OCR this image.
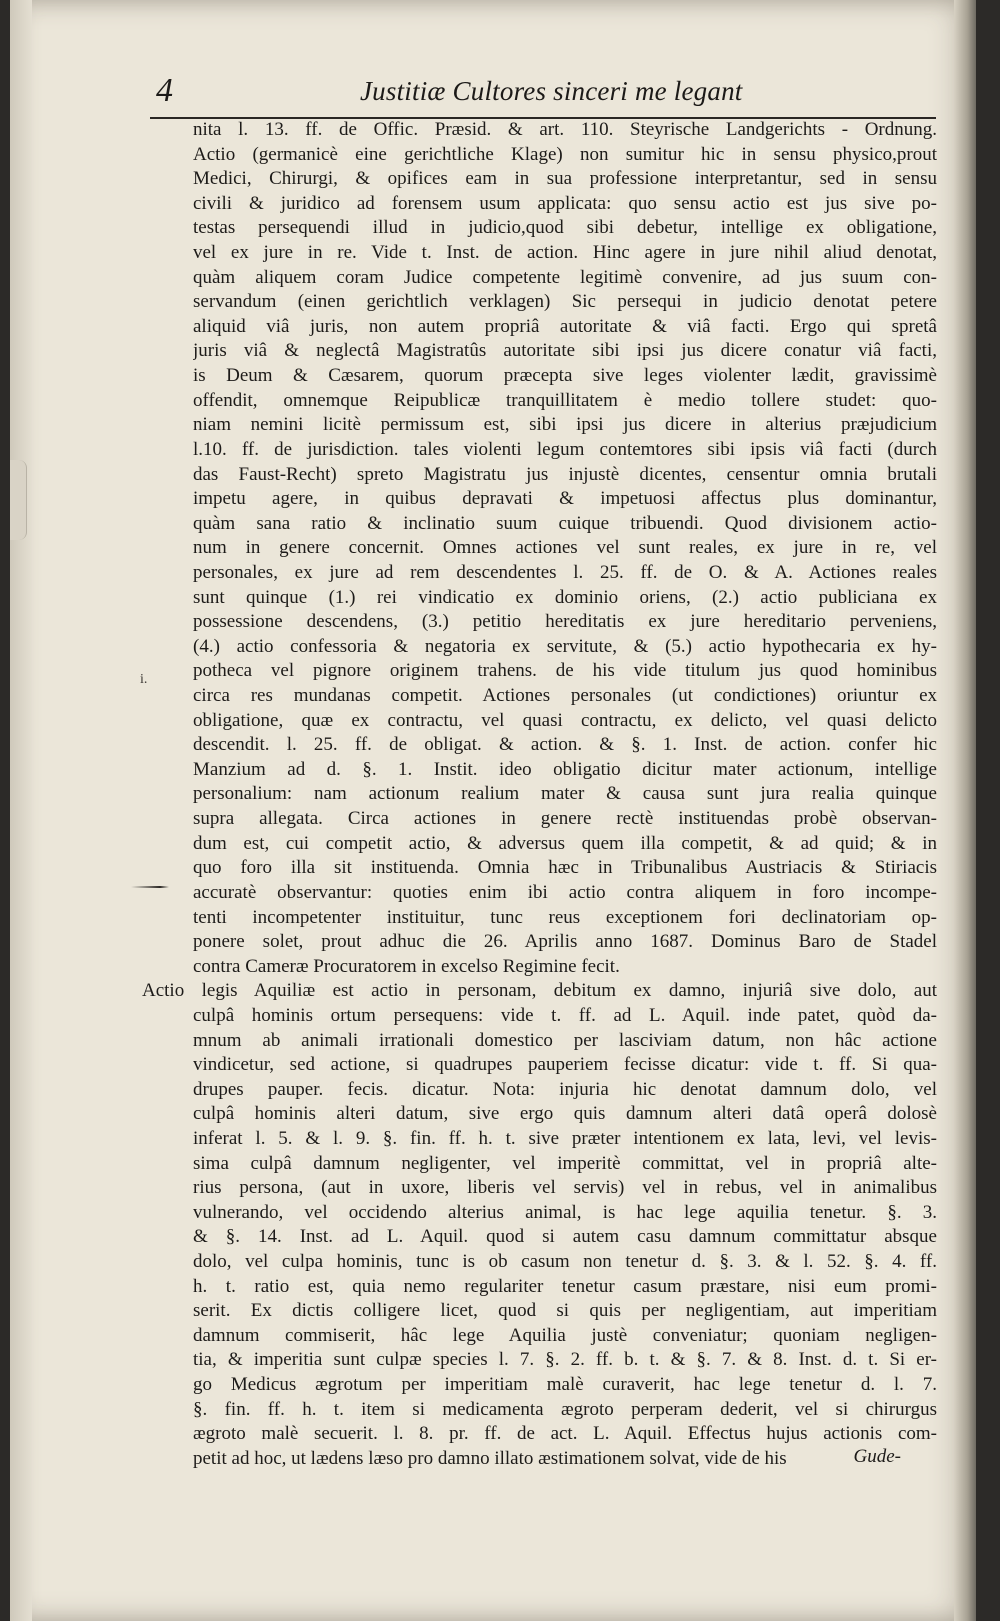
4	Justitiæ Cultores sinceri me legant
i.
nita l. 13. ff. de Offic. Præsid. & art. 110. Steyrische Landgerichts - Ordnung.
Actio (germanicè eine gerichtliche Klage) non sumitur hic in sensu physico,prout
Medici, Chirurgi, & opifices eam in sua professione interpretantur, sed in sensu
civili & juridico ad forensem usum applicata: quo sensu actio est jus sive po-
testas persequendi illud in judicio,quod sibi debetur, intellige ex obligatione,
vel ex jure in re. Vide t. Inst. de action. Hinc agere in jure nihil aliud denotat,
quàm aliquem coram Judice competente legitimè convenire, ad jus suum con-
servandum (einen gerichtlich verklagen) Sic persequi in judicio denotat petere
aliquid viâ juris, non autem propriâ autoritate & viâ facti. Ergo qui spretâ
juris viâ & neglectâ Magistratûs autoritate sibi ipsi jus dicere conatur viâ facti,
is Deum & Cæsarem, quorum præcepta sive leges violenter lædit, gravissimè
offendit, omnemque Reipublicæ tranquillitatem è medio tollere studet: quo-
niam nemini licitè permissum est, sibi ipsi jus dicere in alterius præjudicium
l.10. ff. de jurisdiction. tales violenti legum contemtores sibi ipsis viâ facti (durch
das Faust-Recht) spreto Magistratu jus injustè dicentes, censentur omnia brutali
impetu agere, in quibus depravati & impetuosi affectus plus dominantur,
quàm sana ratio & inclinatio suum cuique tribuendi. Quod divisionem actio-
num in genere concernit. Omnes actiones vel sunt reales, ex jure in re, vel
personales, ex jure ad rem descendentes l. 25. ff. de O. & A. Actiones reales
sunt quinque (1.) rei vindicatio ex dominio oriens, (2.) actio publiciana ex
possessione descendens, (3.) petitio hereditatis ex jure hereditario perveniens,
(4.) actio confessoria & negatoria ex servitute, & (5.) actio hypothecaria ex hy-
potheca vel pignore originem trahens. de his vide titulum jus quod hominibus
circa res mundanas competit. Actiones personales (ut condictiones) oriuntur ex
obligatione, quæ ex contractu, vel quasi contractu, ex delicto, vel quasi delicto
descendit. l. 25. ff. de obligat. & action. & §. 1. Inst. de action. confer hic
Manzium ad d. §. 1. Instit. ideo obligatio dicitur mater actionum, intellige
personalium: nam actionum realium mater & causa sunt jura realia quinque
supra allegata. Circa actiones in genere rectè instituendas probè observan-
dum est, cui competit actio, & adversus quem illa competit, & ad quid; & in
quo foro illa sit instituenda. Omnia hæc in Tribunalibus Austriacis & Stiriacis
accuratè observantur: quoties enim ibi actio contra aliquem in foro incompe-
tenti incompetenter instituitur, tunc reus exceptionem fori declinatoriam op-
ponere solet, prout adhuc die 26. Aprilis anno 1687. Dominus Baro de Stadel
contra Cameræ Procuratorem in excelso Regimine fecit.
Actio legis Aquiliæ est actio in personam, debitum ex damno, injuriâ sive dolo, aut
culpâ hominis ortum persequens: vide t. ff. ad L. Aquil. inde patet, quòd da-
mnum ab animali irrationali domestico per lasciviam datum, non hâc actione
vindicetur, sed actione, si quadrupes pauperiem fecisse dicatur: vide t. ff. Si qua-
drupes pauper. fecis. dicatur. Nota: injuria hic denotat damnum dolo, vel
culpâ hominis alteri datum, sive ergo quis damnum alteri datâ operâ dolosè
inferat l. 5. & l. 9. §. fin. ff. h. t. sive præter intentionem ex lata, levi, vel levis-
sima culpâ damnum negligenter, vel imperitè committat, vel in propriâ alte-
rius persona, (aut in uxore, liberis vel servis) vel in rebus, vel in animalibus
vulnerando, vel occidendo alterius animal, is hac lege aquilia tenetur. §. 3.
& §. 14. Inst. ad L. Aquil. quod si autem casu damnum committatur absque
dolo, vel culpa hominis, tunc is ob casum non tenetur d. §. 3. & l. 52. §. 4. ff.
h. t. ratio est, quia nemo regulariter tenetur casum præstare, nisi eum promi-
serit. Ex dictis colligere licet, quod si quis per negligentiam, aut imperitiam
damnum commiserit, hâc lege Aquilia justè conveniatur; quoniam negligen-
tia, & imperitia sunt culpæ species l. 7. §. 2. ff. b. t. & §. 7. & 8. Inst. d. t. Si er-
go Medicus ægrotum per imperitiam malè curaverit, hac lege tenetur d. l. 7.
§. fin. ff. h. t. item si medicamenta ægroto perperam dederit, vel si chirurgus
ægroto malè secuerit. l. 8. pr. ff. de act. L. Aquil. Effectus hujus actionis com-
petit ad hoc, ut lædens læso pro damno illato æstimationem solvat, vide de his	Gude-
